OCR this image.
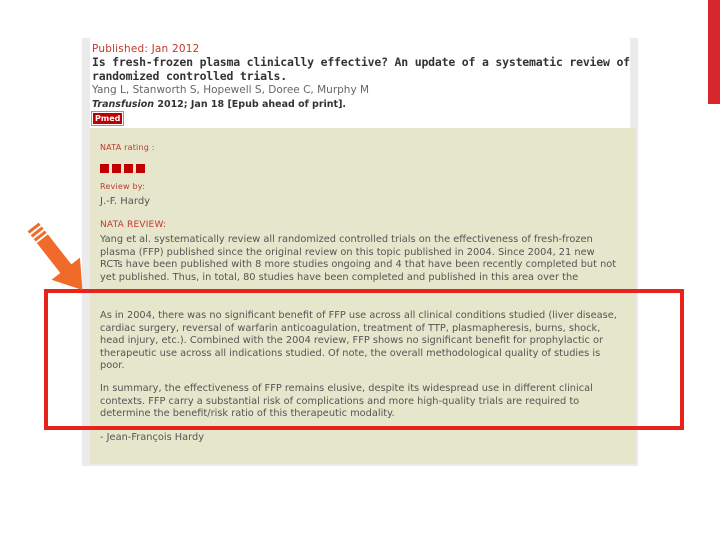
Published: Jan 2012
Is fresh-frozen plasma clinically effective? An update of a systematic review of randomized controlled trials.
Yang L, Stanworth S, Hopewell S, Doree C, Murphy M
Transfusion 2012; Jan 18 [Epub ahead of print].
Pmed
NATA rating :
Review by:
J.-F. Hardy
NATA REVIEW:
Yang et al. systematically review all randomized controlled trials on the effectiveness of fresh-frozen plasma (FFP) published since the original review on this topic published in 2004. Since 2004, 21 new RCTs have been published with 8 more studies ongoing and 4 that have been recently completed but not yet published. Thus, in total, 80 studies have been completed and published in this area over the
As in 2004, there was no significant benefit of FFP use across all clinical conditions studied (liver disease, cardiac surgery, reversal of warfarin anticoagulation, treatment of TTP, plasmapheresis, burns, shock, head injury, etc.). Combined with the 2004 review, FFP shows no significant benefit for prophylactic or therapeutic use across all indications studied. Of note, the overall methodological quality of studies is poor.
In summary, the effectiveness of FFP remains elusive, despite its widespread use in different clinical contexts. FFP carry a substantial risk of complications and more high-quality trials are required to determine the benefit/risk ratio of this therapeutic modality.
- Jean-François Hardy
